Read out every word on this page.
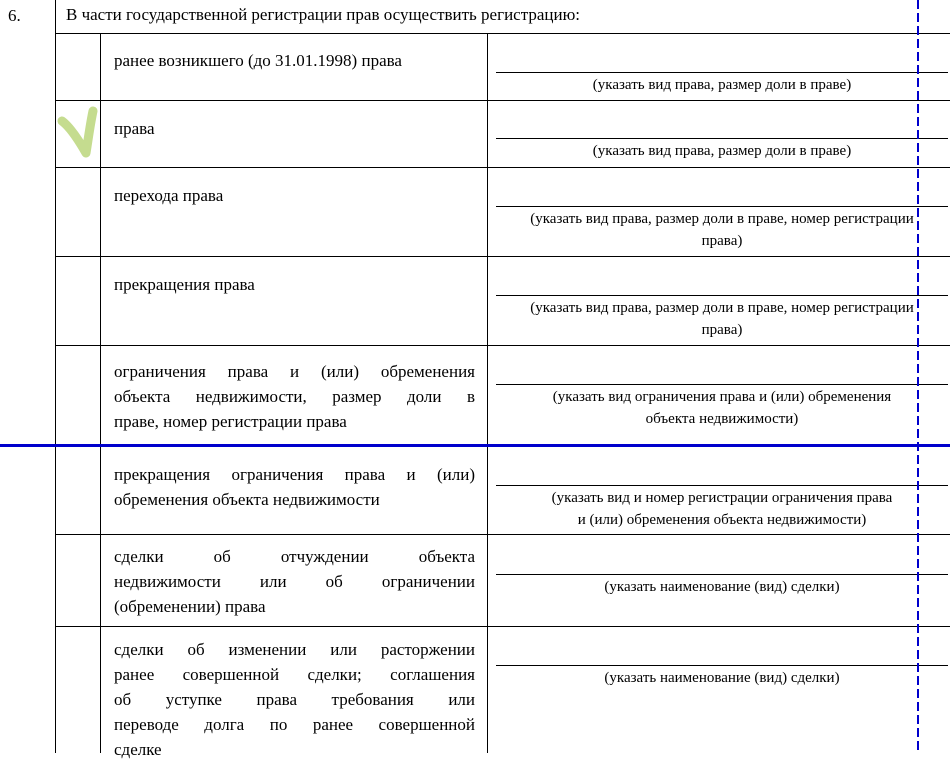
6.	В части государственной регистрации прав осуществить регистрацию:
ранее возникшего (до 31.01.1998) права
(указать вид права, размер доли в праве)
права
(указать вид права, размер доли в праве)
перехода права
(указать вид права, размер доли в праве, номер регистрации
права)
прекращения права
(указать вид права, размер доли в праве, номер регистрации
права)
ограничения права и (или) обременения
объекта недвижимости, размер доли в
праве, номер регистрации права
(указать вид ограничения права и (или) обременения
объекта недвижимости)
прекращения ограничения права и (или)
обременения объекта недвижимости	(указать вид и номер регистрации ограничения права
и (или) обременения объекта недвижимости)
сделки об отчуждении объекта
недвижимости или об ограничении
(обременении) права
(указать наименование (вид) сделки)
сделки об изменении или расторжении
ранее совершенной сделки; соглашения
об уступке права требования или
переводе долга по ранее совершенной
сделке
(указать наименование (вид) сделки)
